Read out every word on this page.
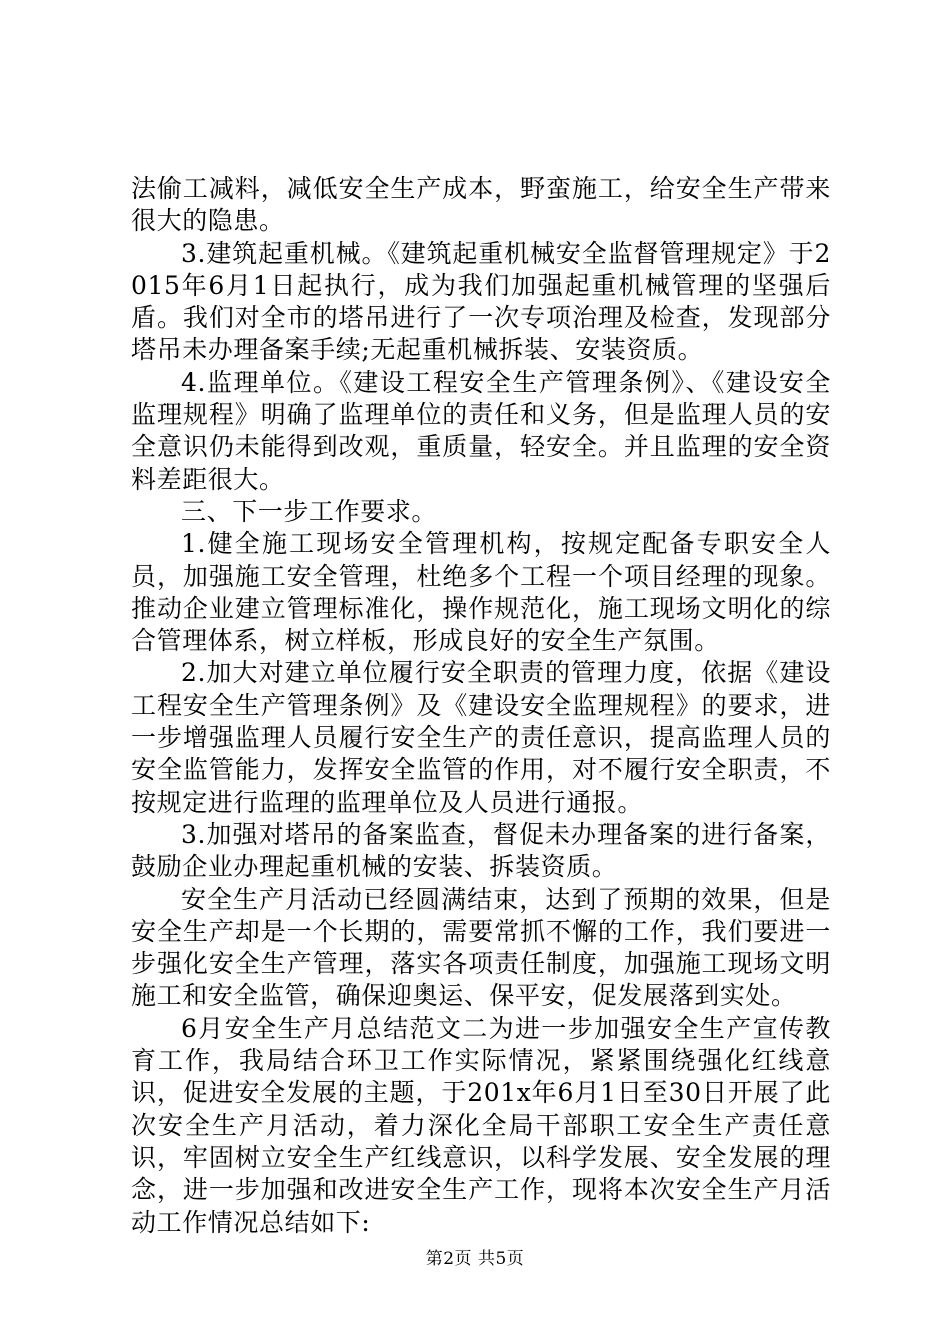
法偷工减料，减低安全生产成本，野蛮施工，给安全生产带来很大的隐患。

3.建筑起重机械。《建筑起重机械安全监督管理规定》于2015年6月1日起执行，成为我们加强起重机械管理的坚强后盾。我们对全市的塔吊进行了一次专项治理及检查，发现部分塔吊未办理备案手续;无起重机械拆装、安装资质。

4.监理单位。《建设工程安全生产管理条例》、《建设安全监理规程》明确了监理单位的责任和义务，但是监理人员的安全意识仍未能得到改观，重质量，轻安全。并且监理的安全资料差距很大。

三、下一步工作要求。

1.健全施工现场安全管理机构，按规定配备专职安全人员，加强施工安全管理，杜绝多个工程一个项目经理的现象。推动企业建立管理标准化，操作规范化，施工现场文明化的综合管理体系，树立样板，形成良好的安全生产氛围。

2.加大对建立单位履行安全职责的管理力度，依据《建设工程安全生产管理条例》及《建设安全监理规程》的要求，进一步增强监理人员履行安全生产的责任意识，提高监理人员的安全监管能力，发挥安全监管的作用，对不履行安全职责，不按规定进行监理的监理单位及人员进行通报。

3.加强对塔吊的备案监查，督促未办理备案的进行备案，鼓励企业办理起重机械的安装、拆装资质。

安全生产月活动已经圆满结束，达到了预期的效果，但是安全生产却是一个长期的，需要常抓不懈的工作，我们要进一步强化安全生产管理，落实各项责任制度，加强施工现场文明施工和安全监管，确保迎奥运、保平安，促发展落到实处。

6月安全生产月总结范文二为进一步加强安全生产宣传教育工作，我局结合环卫工作实际情况，紧紧围绕强化红线意识，促进安全发展的主题，于201x年6月1日至30日开展了此次安全生产月活动，着力深化全局干部职工安全生产责任意识，牢固树立安全生产红线意识，以科学发展、安全发展的理念，进一步加强和改进安全生产工作，现将本次安全生产月活动工作情况总结如下:

第2页 共5页
